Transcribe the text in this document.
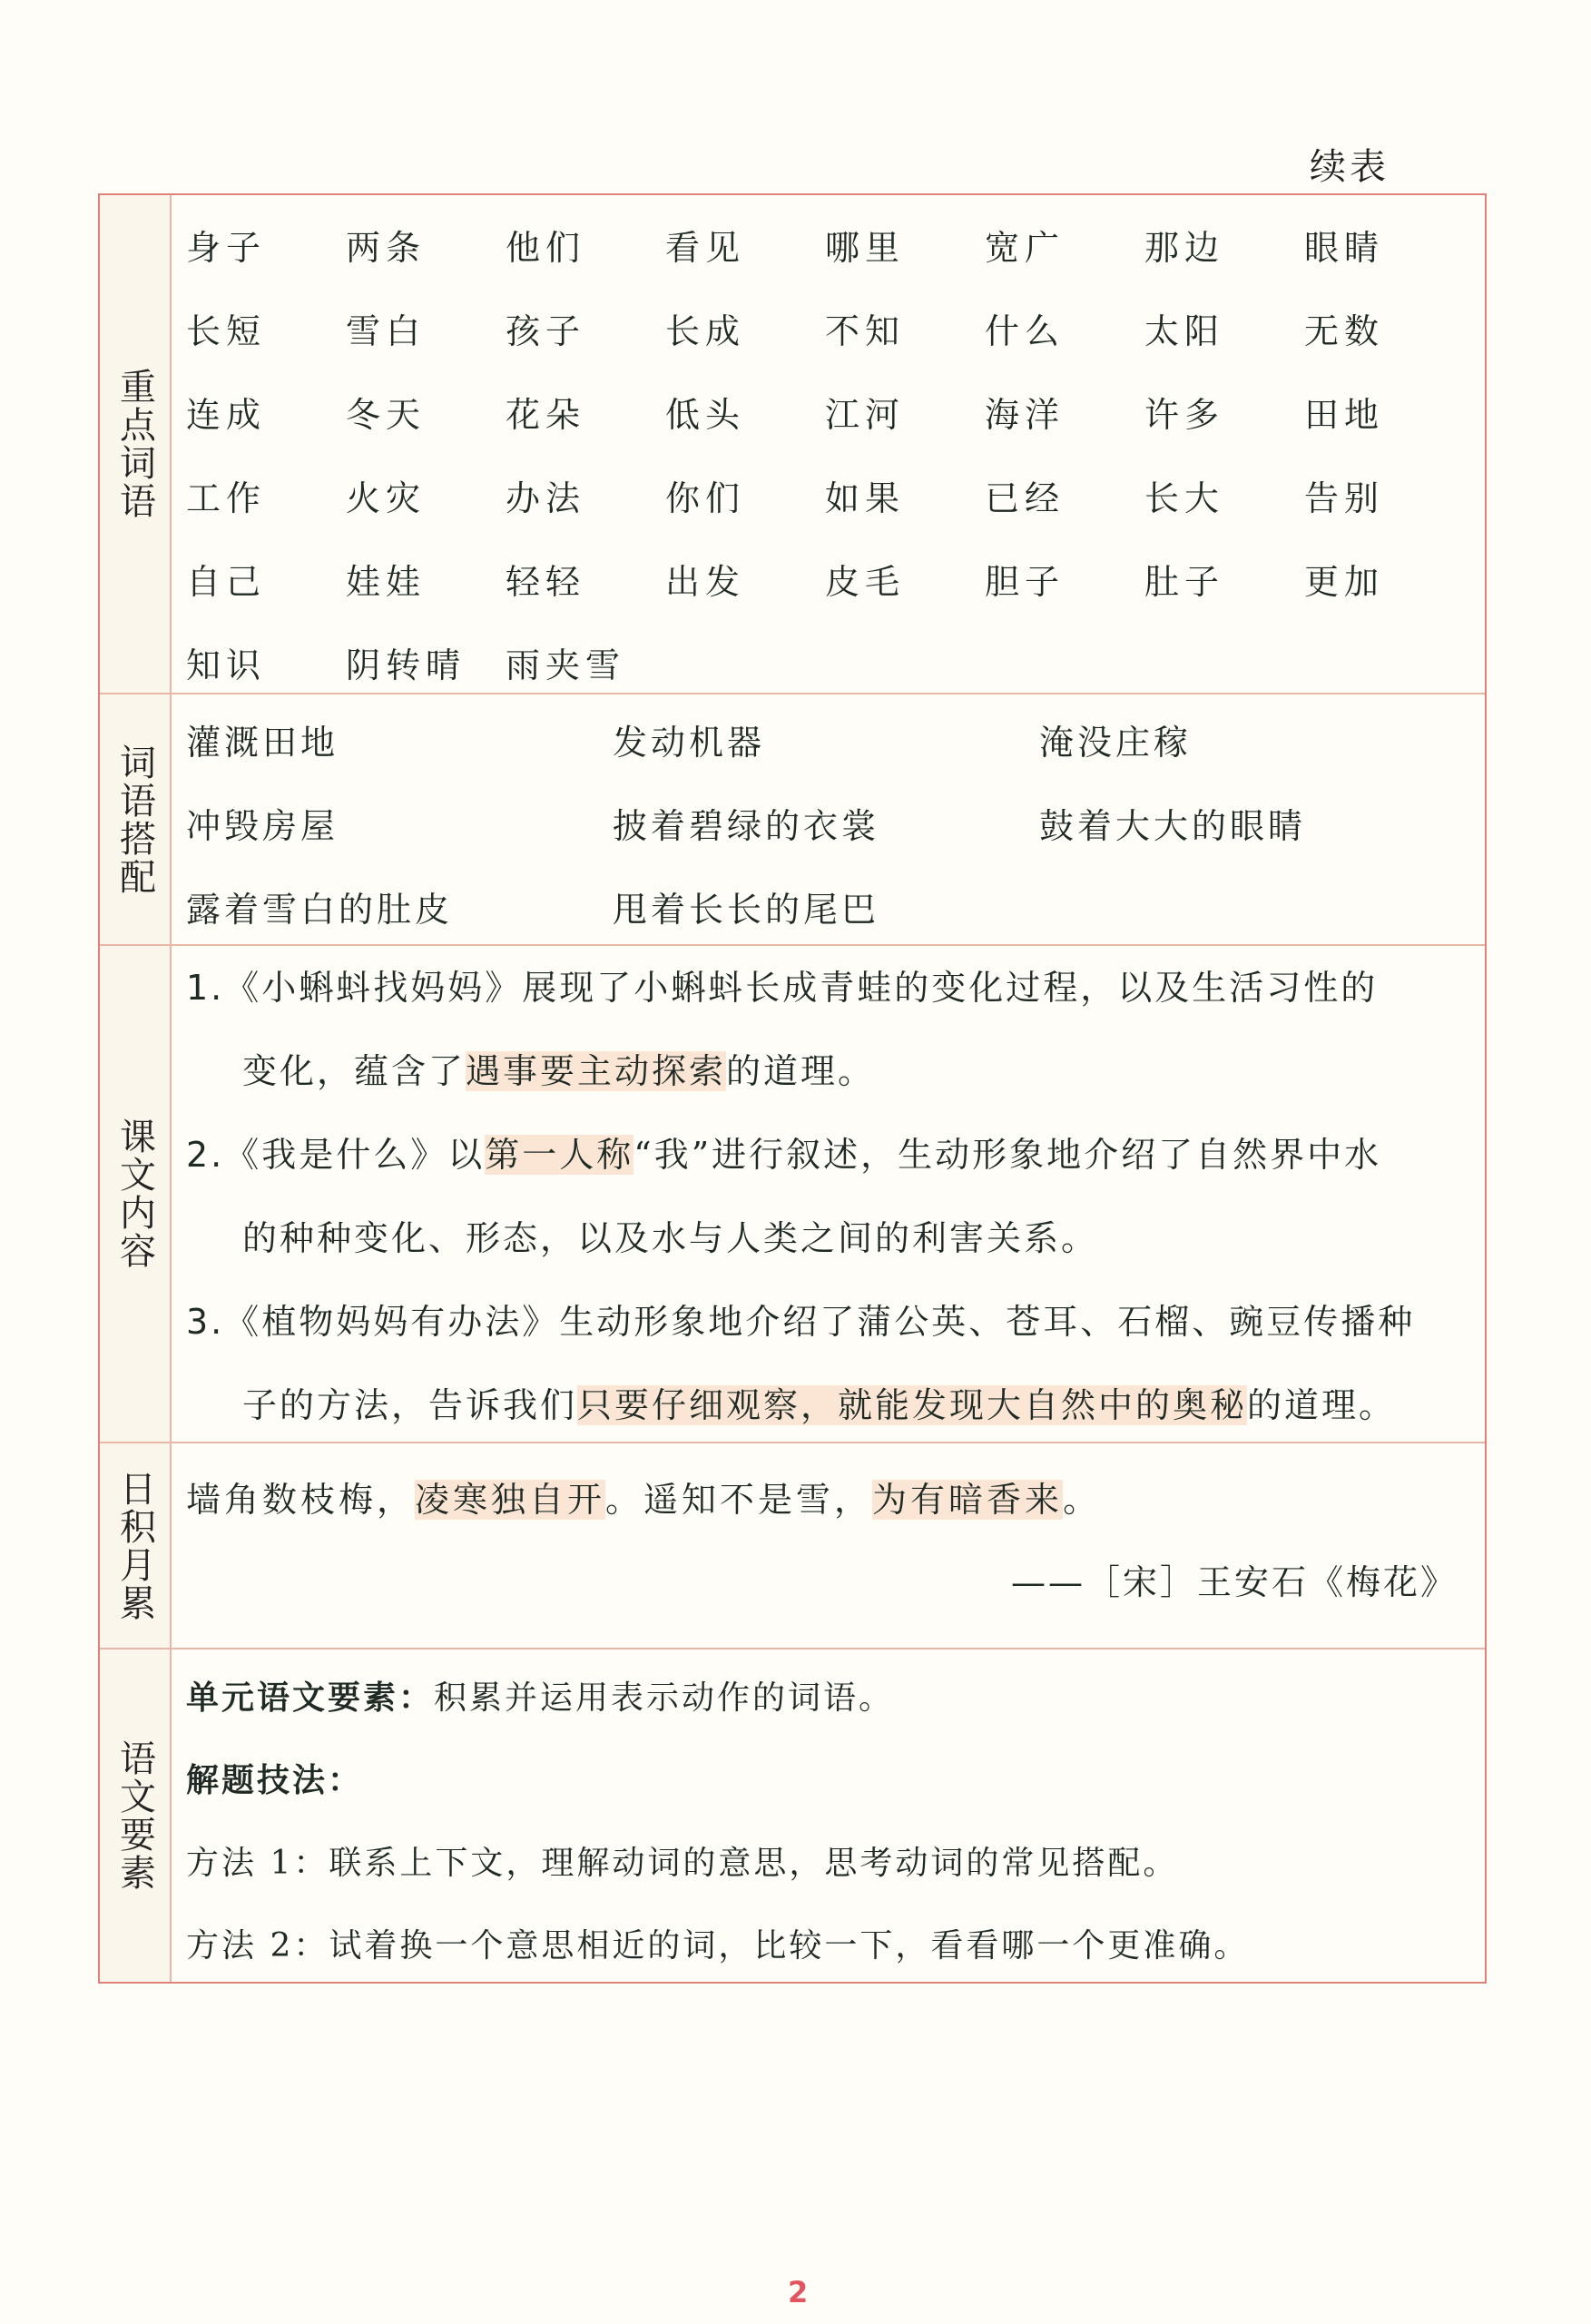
续表
重点词语
身子	两条	他们	看见	哪里	宽广	那边	眼睛
长短	雪白	孩子	长成	不知	什么	太阳	无数
连成	冬天	花朵	低头	江河	海洋	许多	田地
工作	火灾	办法	你们	如果	已经	长大	告别
自己	娃娃	轻轻	出发	皮毛	胆子	肚子	更加
知识	阴转晴	雨夹雪
词语搭配
灌溉田地	发动机器	淹没庄稼
冲毁房屋	披着碧绿的衣裳	鼓着大大的眼睛
露着雪白的肚皮	甩着长长的尾巴
课文内容
1.《小蝌蚪找妈妈》展现了小蝌蚪长成青蛙的变化过程，以及生活习性的
变化，蕴含了遇事要主动探索的道理。
2.《我是什么》以第一人称“我”进行叙述，生动形象地介绍了自然界中水
的种种变化、形态，以及水与人类之间的利害关系。
3.《植物妈妈有办法》生动形象地介绍了蒲公英、苍耳、石榴、豌豆传播种
子的方法，告诉我们只要仔细观察，就能发现大自然中的奥秘的道理。
日积月累 墙角数枝梅，凌寒独自开。遥知不是雪，为有暗香来。
——［宋］王安石《梅花》
语文要素
单元语文要素：积累并运用表示动作的词语。
解题技法：
方法 1：联系上下文，理解动词的意思，思考动词的常见搭配。
方法 2：试着换一个意思相近的词，比较一下，看看哪一个更准确。
2
